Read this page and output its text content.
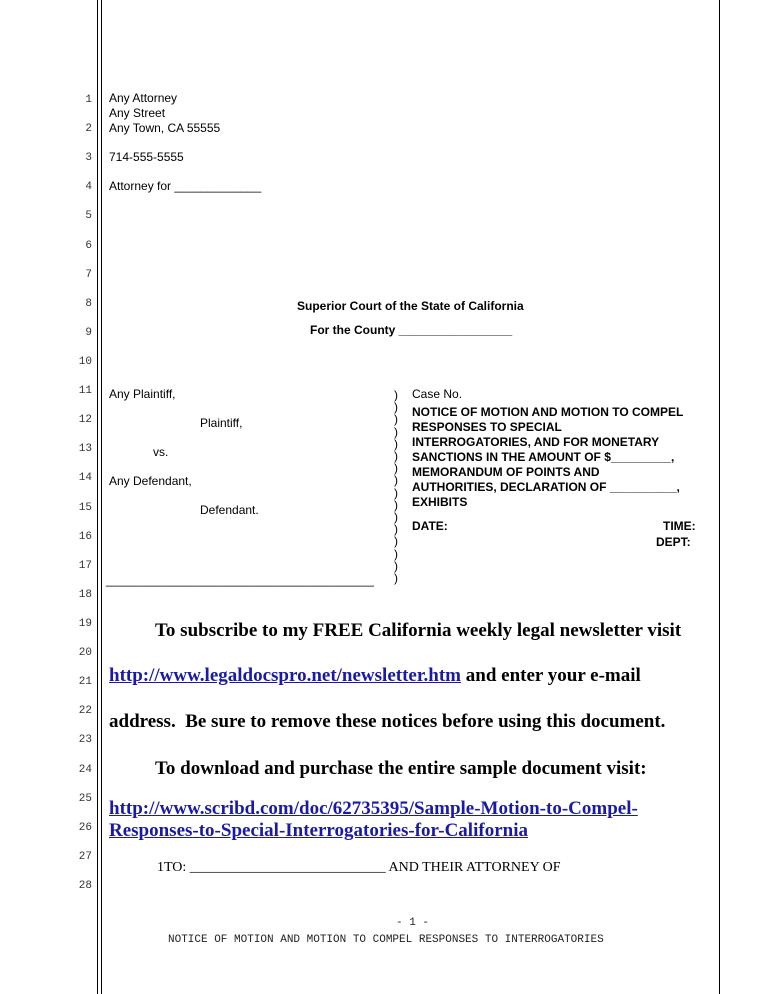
1
2
3
4
5
6
7
8
9
10
11
12
13
14
15
16
17
18
19
20
21
22
23
24
25
26
27
28
Any Attorney
Any Street
Any Town, CA 55555
714-555-5555
Attorney for _____________
Superior Court of the State of California
For the County _________________
Any Plaintiff,
Plaintiff,
vs.
Any Defendant,
Defendant.
_______________________________________
)
)
)
)
)
)
)
)
)
)
)
)
)
)
)
)
Case No.
NOTICE OF MOTION AND MOTION TO COMPEL
RESPONSES TO SPECIAL
INTERROGATORIES, AND FOR MONETARY
SANCTIONS IN THE AMOUNT OF $_________,
MEMORANDUM OF POINTS AND
AUTHORITIES, DECLARATION OF __________,
EXHIBITS
DATE:	TIME:
DEPT:
To subscribe to my FREE California weekly legal newsletter visit
http://www.legaldocspro.net/newsletter.htm and enter your e-mail
address.  Be sure to remove these notices before using this document.
To download and purchase the entire sample document visit:
http://www.scribd.com/doc/62735395/Sample-Motion-to-Compel-
Responses-to-Special-Interrogatories-for-California
1TO: ____________________________ AND THEIR ATTORNEY OF
- 1 -
NOTICE OF MOTION AND MOTION TO COMPEL RESPONSES TO INTERROGATORIES
